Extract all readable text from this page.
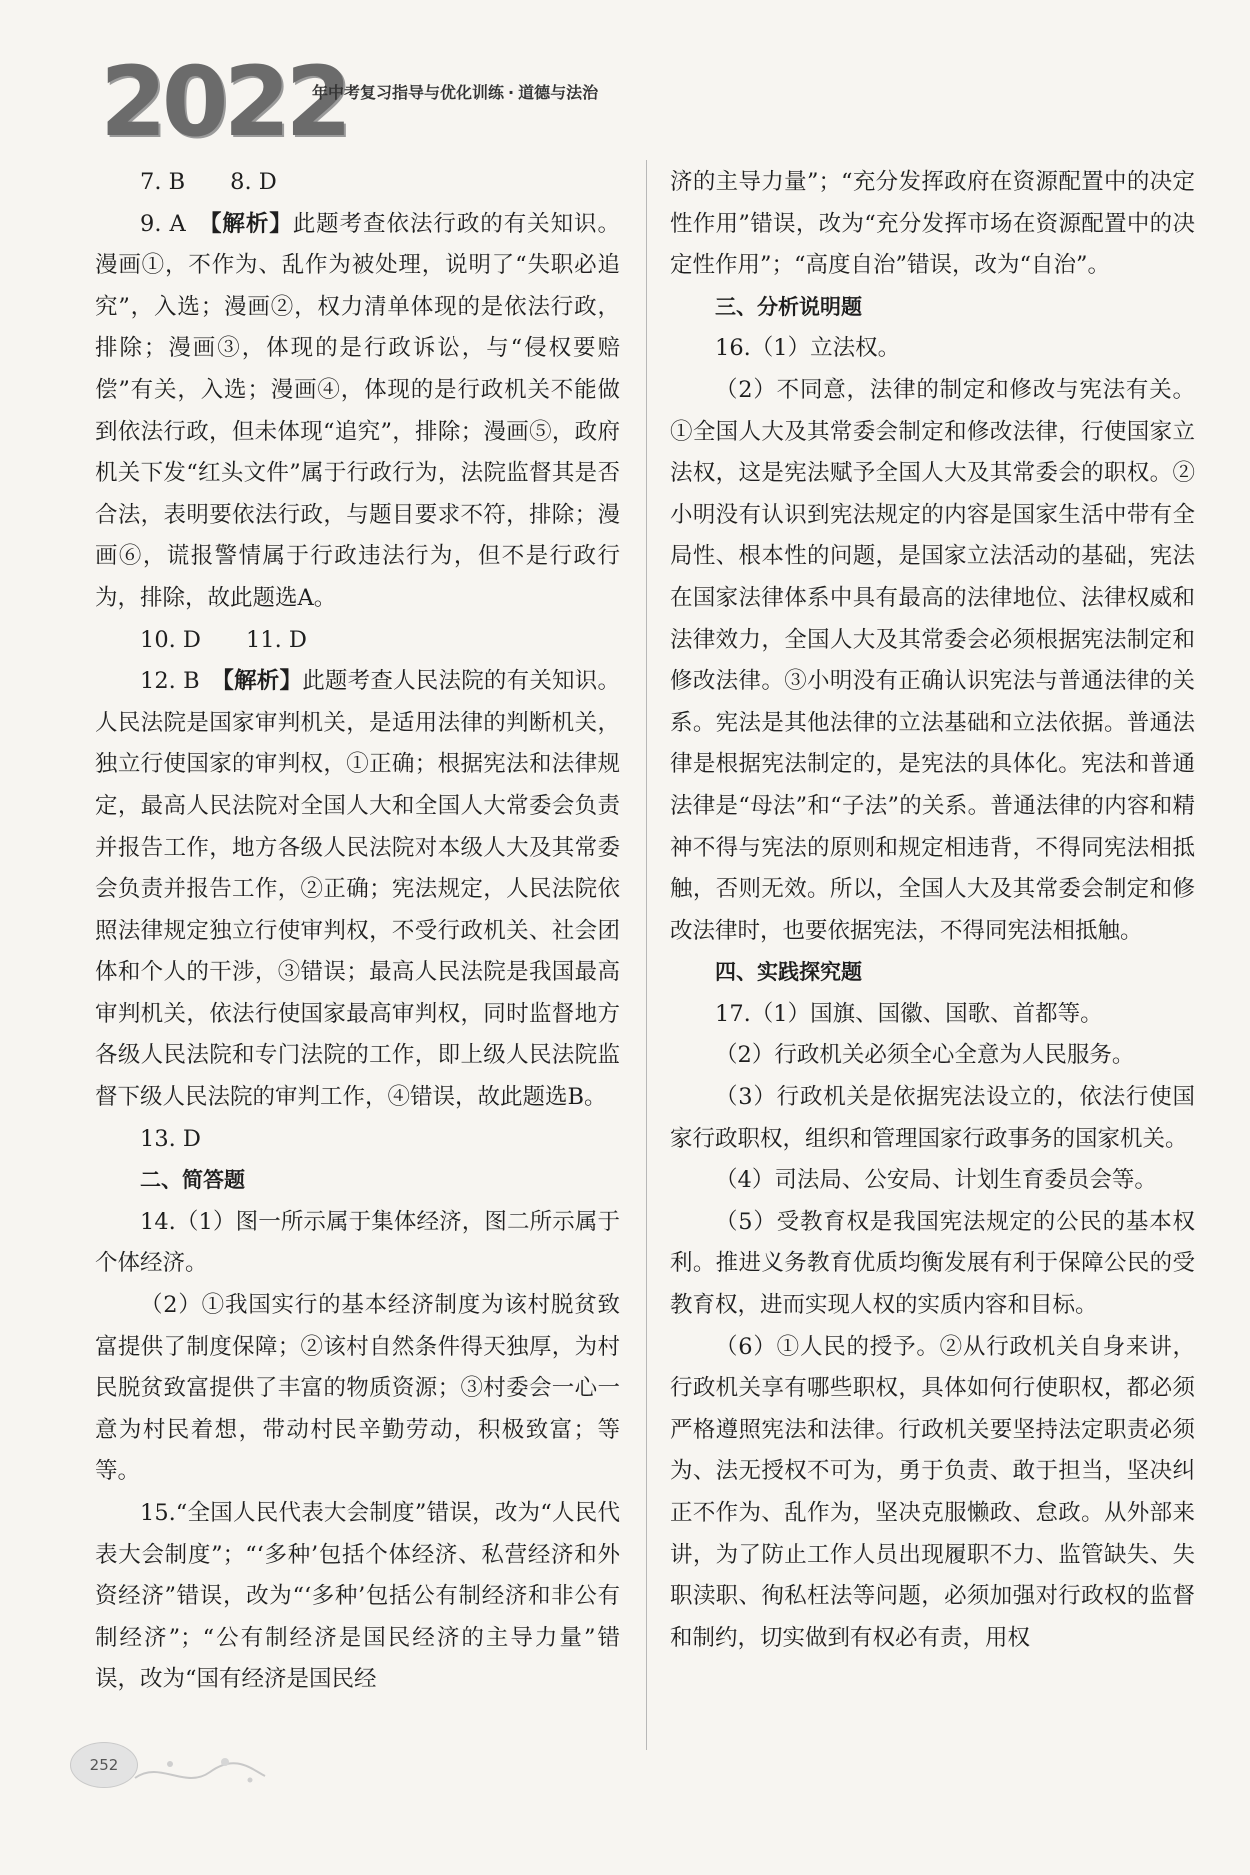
2022
年中考复习指导与优化训练 · 道德与法治

7. B　　8. D

9. A　【解析】此题考查依法行政的有关知识。漫画①，不作为、乱作为被处理，说明了“失职必追究”，入选；漫画②，权力清单体现的是依法行政，排除；漫画③，体现的是行政诉讼，与“侵权要赔偿”有关，入选；漫画④，体现的是行政机关不能做到依法行政，但未体现“追究”，排除；漫画⑤，政府机关下发“红头文件”属于行政行为，法院监督其是否合法，表明要依法行政，与题目要求不符，排除；漫画⑥，谎报警情属于行政违法行为，但不是行政行为，排除，故此题选A。

10. D　　11. D

12. B　【解析】此题考查人民法院的有关知识。人民法院是国家审判机关，是适用法律的判断机关，独立行使国家的审判权，①正确；根据宪法和法律规定，最高人民法院对全国人大和全国人大常委会负责并报告工作，地方各级人民法院对本级人大及其常委会负责并报告工作，②正确；宪法规定，人民法院依照法律规定独立行使审判权，不受行政机关、社会团体和个人的干涉，③错误；最高人民法院是我国最高审判机关，依法行使国家最高审判权，同时监督地方各级人民法院和专门法院的工作，即上级人民法院监督下级人民法院的审判工作，④错误，故此题选B。

13. D

二、简答题

14.（1）图一所示属于集体经济，图二所示属于个体经济。

（2）①我国实行的基本经济制度为该村脱贫致富提供了制度保障；②该村自然条件得天独厚，为村民脱贫致富提供了丰富的物质资源；③村委会一心一意为村民着想，带动村民辛勤劳动，积极致富；等等。

15.“全国人民代表大会制度”错误，改为“人民代表大会制度”；“‘多种’包括个体经济、私营经济和外资经济”错误，改为“‘多种’包括公有制经济和非公有制经济”；“公有制经济是国民经济的主导力量”错误，改为“国有经济是国民经

济的主导力量”；“充分发挥政府在资源配置中的决定性作用”错误，改为“充分发挥市场在资源配置中的决定性作用”；“高度自治”错误，改为“自治”。

三、分析说明题

16.（1）立法权。

（2）不同意，法律的制定和修改与宪法有关。①全国人大及其常委会制定和修改法律，行使国家立法权，这是宪法赋予全国人大及其常委会的职权。②小明没有认识到宪法规定的内容是国家生活中带有全局性、根本性的问题，是国家立法活动的基础，宪法在国家法律体系中具有最高的法律地位、法律权威和法律效力，全国人大及其常委会必须根据宪法制定和修改法律。③小明没有正确认识宪法与普通法律的关系。宪法是其他法律的立法基础和立法依据。普通法律是根据宪法制定的，是宪法的具体化。宪法和普通法律是“母法”和“子法”的关系。普通法律的内容和精神不得与宪法的原则和规定相违背，不得同宪法相抵触，否则无效。所以，全国人大及其常委会制定和修改法律时，也要依据宪法，不得同宪法相抵触。

四、实践探究题

17.（1）国旗、国徽、国歌、首都等。

（2）行政机关必须全心全意为人民服务。

（3）行政机关是依据宪法设立的，依法行使国家行政职权，组织和管理国家行政事务的国家机关。

（4）司法局、公安局、计划生育委员会等。

（5）受教育权是我国宪法规定的公民的基本权利。推进义务教育优质均衡发展有利于保障公民的受教育权，进而实现人权的实质内容和目标。

（6）①人民的授予。②从行政机关自身来讲，行政机关享有哪些职权，具体如何行使职权，都必须严格遵照宪法和法律。行政机关要坚持法定职责必须为、法无授权不可为，勇于负责、敢于担当，坚决纠正不作为、乱作为，坚决克服懒政、怠政。从外部来讲，为了防止工作人员出现履职不力、监管缺失、失职渎职、徇私枉法等问题，必须加强对行政权的监督和制约，切实做到有权必有责，用权

252
